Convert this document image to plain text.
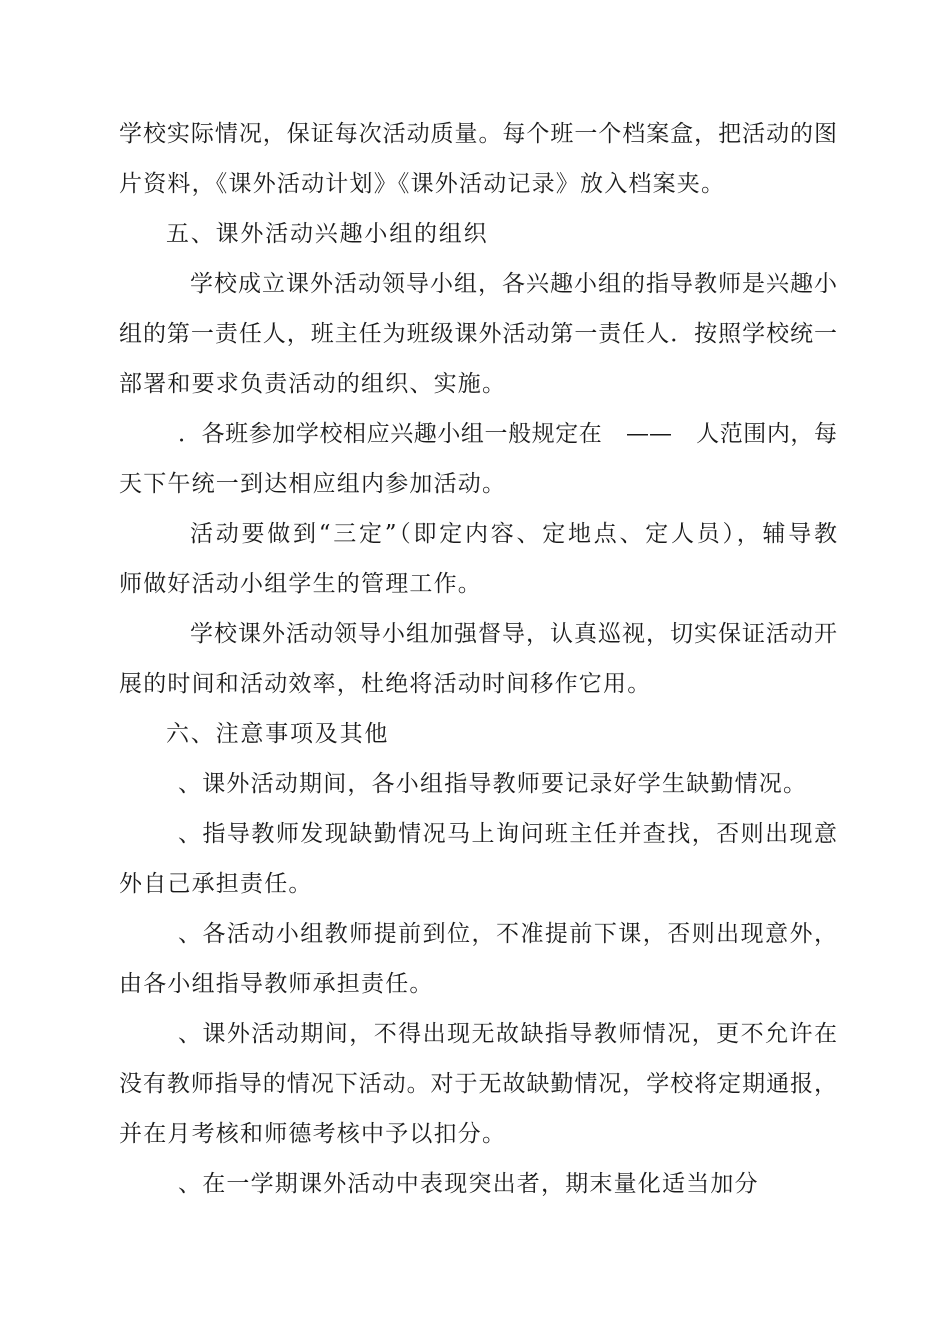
学校实际情况，保证每次活动质量。每个班一个档案盒，把活动的图
片资料，《课外活动计划》《课外活动记录》放入档案夹。
五、课外活动兴趣小组的组织
学校成立课外活动领导小组，各兴趣小组的指导教师是兴趣小
组的第一责任人，班主任为班级课外活动第一责任人．按照学校统一
部署和要求负责活动的组织、实施。
．各班参加学校相应兴趣小组一般规定在　——　人范围内，每
天下午统一到达相应组内参加活动。
活动要做到“三定”（即定内容、定地点、定人员），辅导教
师做好活动小组学生的管理工作。
学校课外活动领导小组加强督导，认真巡视，切实保证活动开
展的时间和活动效率，杜绝将活动时间移作它用。
六、注意事项及其他
、课外活动期间，各小组指导教师要记录好学生缺勤情况。
、指导教师发现缺勤情况马上询问班主任并查找，否则出现意
外自己承担责任。
、各活动小组教师提前到位，不准提前下课，否则出现意外，
由各小组指导教师承担责任。
、课外活动期间，不得出现无故缺指导教师情况，更不允许在
没有教师指导的情况下活动。对于无故缺勤情况，学校将定期通报，
并在月考核和师德考核中予以扣分。
、在一学期课外活动中表现突出者，期末量化适当加分
